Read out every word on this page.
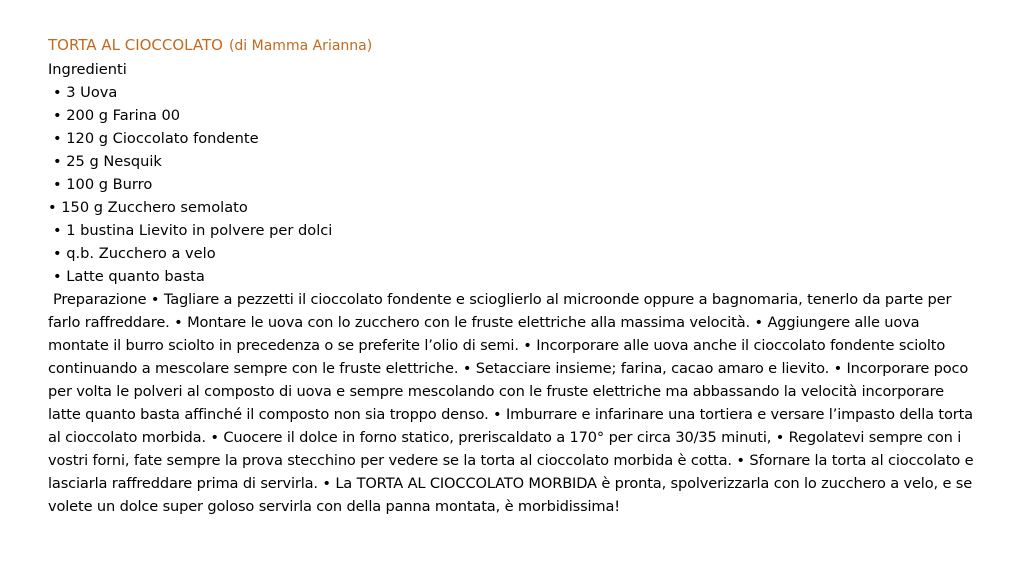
TORTA AL CIOCCOLATO (di Mamma Arianna)
Ingredienti
• 3 Uova
• 200 g Farina 00
• 120 g Cioccolato fondente
• 25 g Nesquik
• 100 g Burro
• 150 g Zucchero semolato
• 1 bustina Lievito in polvere per dolci
• q.b. Zucchero a velo
• Latte quanto basta

Preparazione • Tagliare a pezzetti il cioccolato fondente e scioglierlo al microonde oppure a bagnomaria, tenerlo da parte per farlo raffreddare. • Montare le uova con lo zucchero con le fruste elettriche alla massima velocità. • Aggiungere alle uova montate il burro sciolto in precedenza o se preferite l’olio di semi. • Incorporare alle uova anche il cioccolato fondente sciolto continuando a mescolare sempre con le fruste elettriche. • Setacciare insieme; farina, cacao amaro e lievito. • Incorporare poco per volta le polveri al composto di uova e sempre mescolando con le fruste elettriche ma abbassando la velocità incorporare latte quanto basta affinché il composto non sia troppo denso. • Imburrare e infarinare una tortiera e versare l’impasto della torta al cioccolato morbida. • Cuocere il dolce in forno statico, preriscaldato a 170° per circa 30/35 minuti, • Regolatevi sempre con i vostri forni, fate sempre la prova stecchino per vedere se la torta al cioccolato morbida è cotta. • Sfornare la torta al cioccolato e lasciarla raffreddare prima di servirla. • La TORTA AL CIOCCOLATO MORBIDA è pronta, spolverizzarla con lo zucchero a velo, e se volete un dolce super goloso servirla con della panna montata, è morbidissima!
